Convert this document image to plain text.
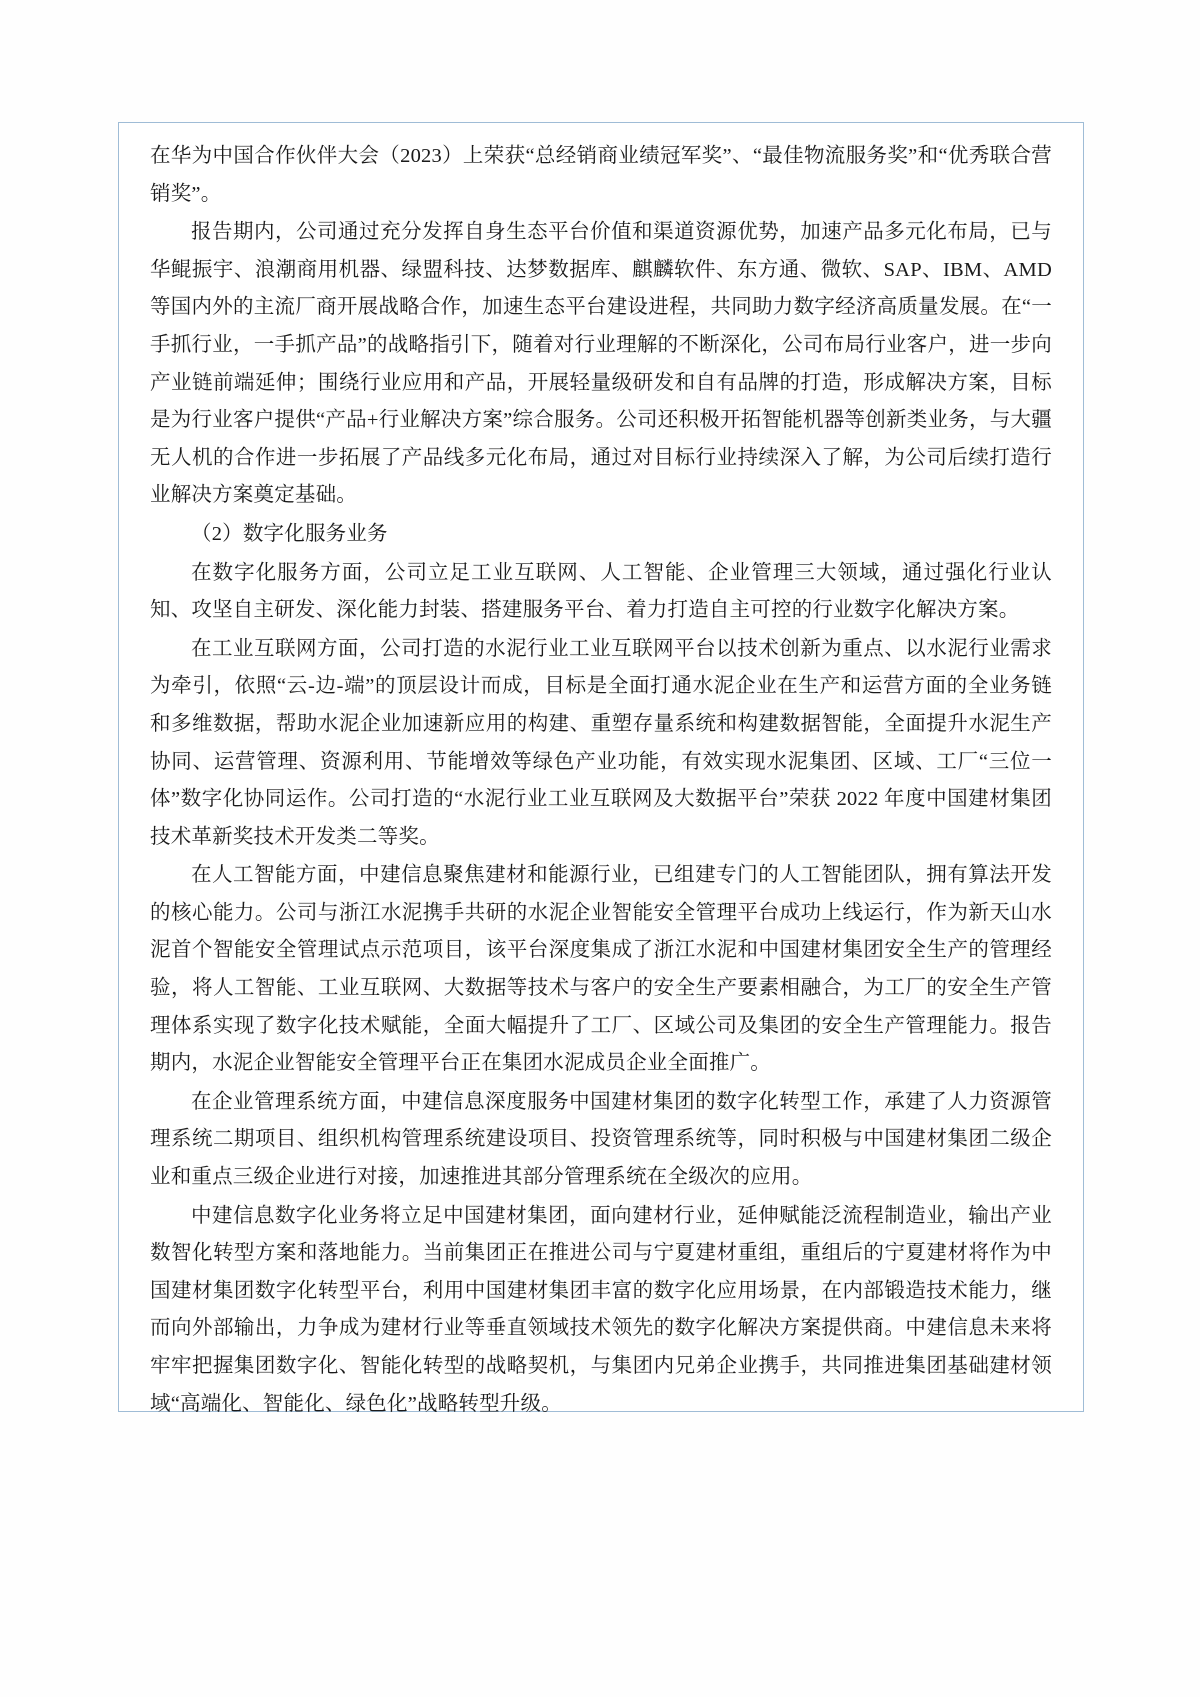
在华为中国合作伙伴大会（2023）上荣获“总经销商业绩冠军奖”、“最佳物流服务奖”和“优秀联合营销奖”。

报告期内，公司通过充分发挥自身生态平台价值和渠道资源优势，加速产品多元化布局，已与华鲲振宇、浪潮商用机器、绿盟科技、达梦数据库、麒麟软件、东方通、微软、SAP、IBM、AMD 等国内外的主流厂商开展战略合作，加速生态平台建设进程，共同助力数字经济高质量发展。在“一手抓行业，一手抓产品”的战略指引下，随着对行业理解的不断深化，公司布局行业客户，进一步向产业链前端延伸；围绕行业应用和产品，开展轻量级研发和自有品牌的打造，形成解决方案，目标是为行业客户提供“产品+行业解决方案”综合服务。公司还积极开拓智能机器等创新类业务，与大疆无人机的合作进一步拓展了产品线多元化布局，通过对目标行业持续深入了解，为公司后续打造行业解决方案奠定基础。

（2）数字化服务业务

在数字化服务方面，公司立足工业互联网、人工智能、企业管理三大领域，通过强化行业认知、攻坚自主研发、深化能力封装、搭建服务平台、着力打造自主可控的行业数字化解决方案。

在工业互联网方面，公司打造的水泥行业工业互联网平台以技术创新为重点、以水泥行业需求为牵引，依照“云-边-端”的顶层设计而成，目标是全面打通水泥企业在生产和运营方面的全业务链和多维数据，帮助水泥企业加速新应用的构建、重塑存量系统和构建数据智能，全面提升水泥生产协同、运营管理、资源利用、节能增效等绿色产业功能，有效实现水泥集团、区域、工厂“三位一体”数字化协同运作。公司打造的“水泥行业工业互联网及大数据平台”荣获 2022 年度中国建材集团技术革新奖技术开发类二等奖。

在人工智能方面，中建信息聚焦建材和能源行业，已组建专门的人工智能团队，拥有算法开发的核心能力。公司与浙江水泥携手共研的水泥企业智能安全管理平台成功上线运行，作为新天山水泥首个智能安全管理试点示范项目，该平台深度集成了浙江水泥和中国建材集团安全生产的管理经验，将人工智能、工业互联网、大数据等技术与客户的安全生产要素相融合，为工厂的安全生产管理体系实现了数字化技术赋能，全面大幅提升了工厂、区域公司及集团的安全生产管理能力。报告期内，水泥企业智能安全管理平台正在集团水泥成员企业全面推广。

在企业管理系统方面，中建信息深度服务中国建材集团的数字化转型工作，承建了人力资源管理系统二期项目、组织机构管理系统建设项目、投资管理系统等，同时积极与中国建材集团二级企业和重点三级企业进行对接，加速推进其部分管理系统在全级次的应用。

中建信息数字化业务将立足中国建材集团，面向建材行业，延伸赋能泛流程制造业，输出产业数智化转型方案和落地能力。当前集团正在推进公司与宁夏建材重组，重组后的宁夏建材将作为中国建材集团数字化转型平台，利用中国建材集团丰富的数字化应用场景，在内部锻造技术能力，继而向外部输出，力争成为建材行业等垂直领域技术领先的数字化解决方案提供商。中建信息未来将牢牢把握集团数字化、智能化转型的战略契机，与集团内兄弟企业携手，共同推进集团基础建材领域“高端化、智能化、绿色化”战略转型升级。
